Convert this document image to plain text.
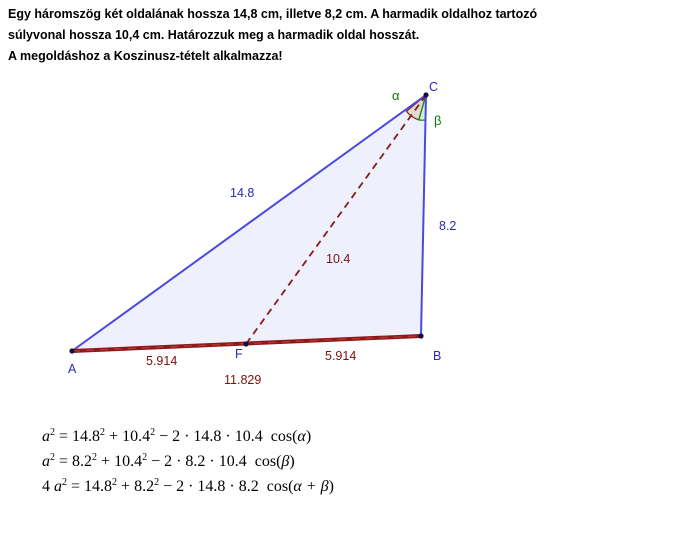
Egy háromszög két oldalának hossza 14,8 cm, illetve 8,2 cm. A harmadik oldalhoz tartozó
súlyvonal hossza 10,4 cm. Határozzuk meg a harmadik oldal hosszát.
A megoldáshoz a Koszinusz-tételt alkalmazza!
A
B
C
F
α
β
14.8
8.2
10.4
5.914	5.914
11.829
$a^2 = 14.8^2 + 10.4^2 - 2 \cdot 14.8 \cdot 10.4$ cos(α)
$a^2 = 8.2^2 + 10.4^2 - 2 \cdot 8.2 \cdot 10.4$ cos(β)
4 $a^2 = 14.8^2 + 8.2^2 - 2 \cdot 14.8 \cdot 8.2$ cos(α + β)
